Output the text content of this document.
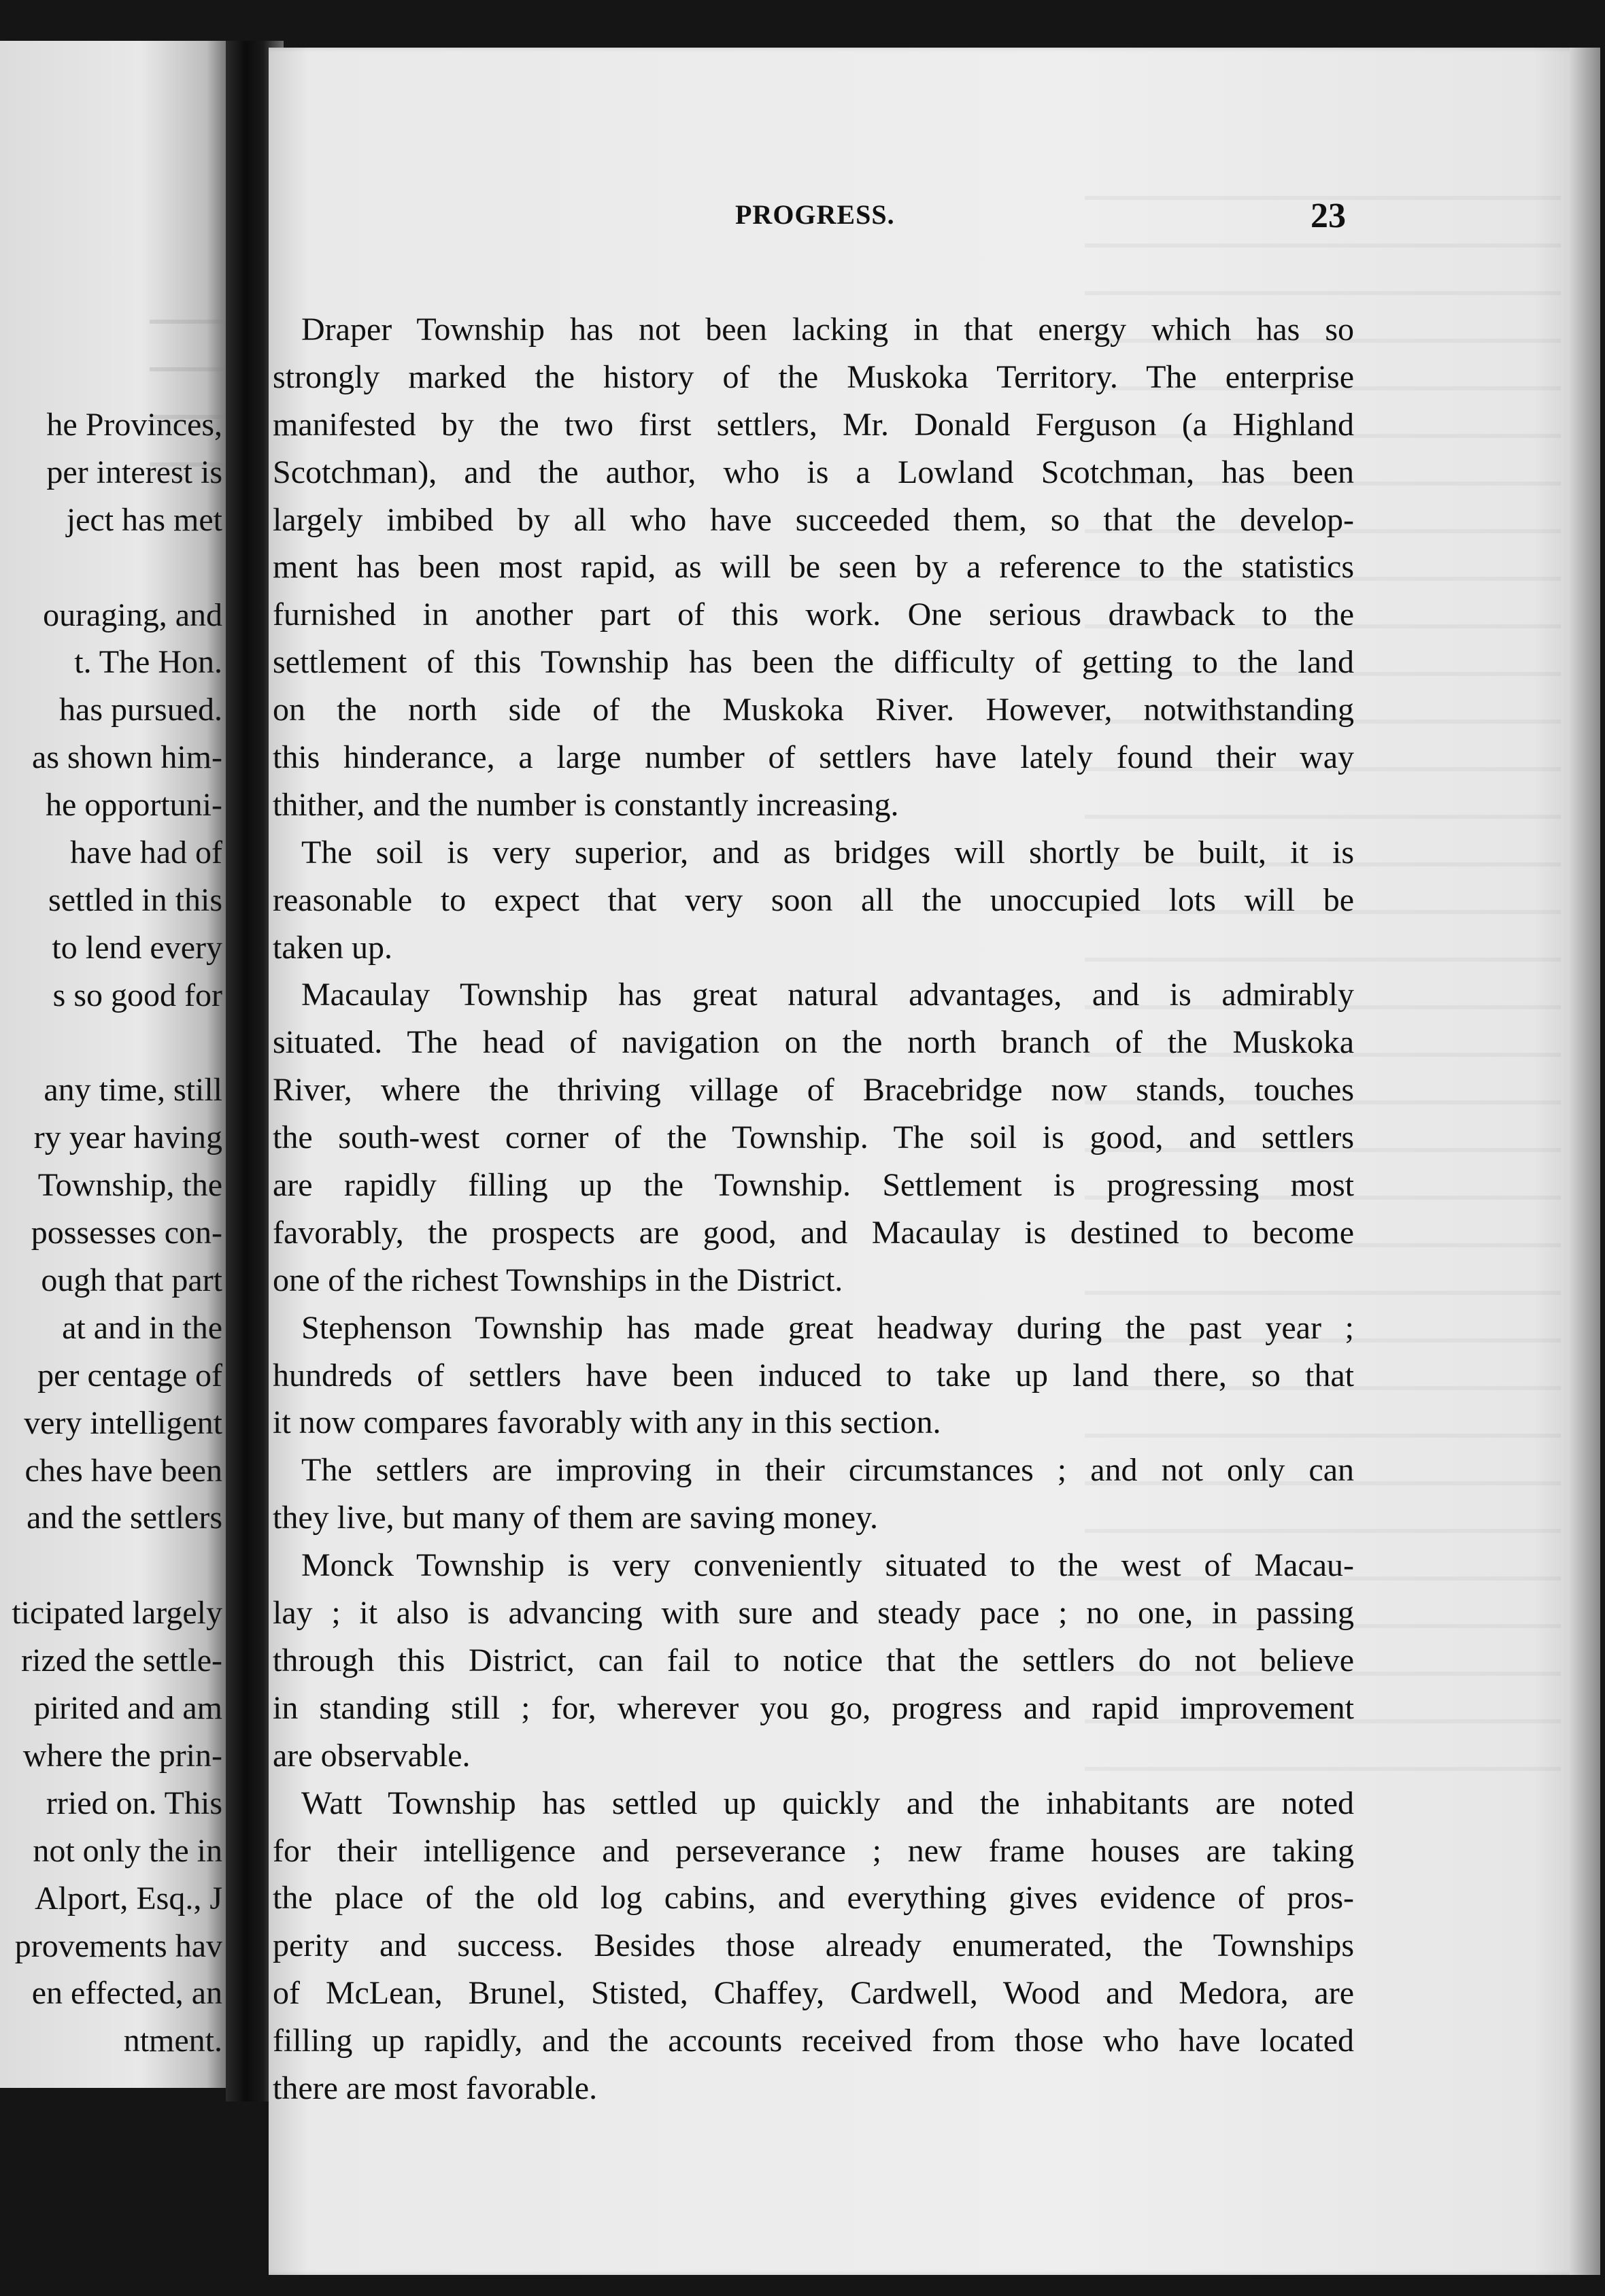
he Provinces,
per interest is
ject has met
ouraging, and
t. The Hon.
has pursued.
as shown him-
he opportuni-
have had of
settled in this
to lend every
s so good for
any time, still
ry year having
Township, the
possesses con-
ough that part
at and in the
per centage of
very intelligent
ches have been
and the settlers
ticipated largely
rized the settle-
pirited and am
where the prin-
rried on. This
not only the in
Alport, Esq., J
provements hav
en effected, an
ntment.
PROGRESS.	23
Draper Township has not been lacking in that energy which has so
strongly marked the history of the Muskoka Territory. The enterprise
manifested by the two first settlers, Mr. Donald Ferguson (a Highland
Scotchman), and the author, who is a Lowland Scotchman, has been
largely imbibed by all who have succeeded them, so that the develop-
ment has been most rapid, as will be seen by a reference to the statistics
furnished in another part of this work. One serious drawback to the
settlement of this Township has been the difficulty of getting to the land
on the north side of the Muskoka River. However, notwithstanding
this hinderance, a large number of settlers have lately found their way
thither, and the number is constantly increasing.
The soil is very superior, and as bridges will shortly be built, it is
reasonable to expect that very soon all the unoccupied lots will be
taken up.
Macaulay Township has great natural advantages, and is admirably
situated. The head of navigation on the north branch of the Muskoka
River, where the thriving village of Bracebridge now stands, touches
the south-west corner of the Township. The soil is good, and settlers
are rapidly filling up the Township. Settlement is progressing most
favorably, the prospects are good, and Macaulay is destined to become
one of the richest Townships in the District.
Stephenson Township has made great headway during the past year ;
hundreds of settlers have been induced to take up land there, so that
it now compares favorably with any in this section.
The settlers are improving in their circumstances ; and not only can
they live, but many of them are saving money.
Monck Township is very conveniently situated to the west of Macau-
lay ; it also is advancing with sure and steady pace ; no one, in passing
through this District, can fail to notice that the settlers do not believe
in standing still ; for, wherever you go, progress and rapid improvement
are observable.
Watt Township has settled up quickly and the inhabitants are noted
for their intelligence and perseverance ; new frame houses are taking
the place of the old log cabins, and everything gives evidence of pros-
perity and success. Besides those already enumerated, the Townships
of McLean, Brunel, Stisted, Chaffey, Cardwell, Wood and Medora, are
filling up rapidly, and the accounts received from those who have located
there are most favorable.
